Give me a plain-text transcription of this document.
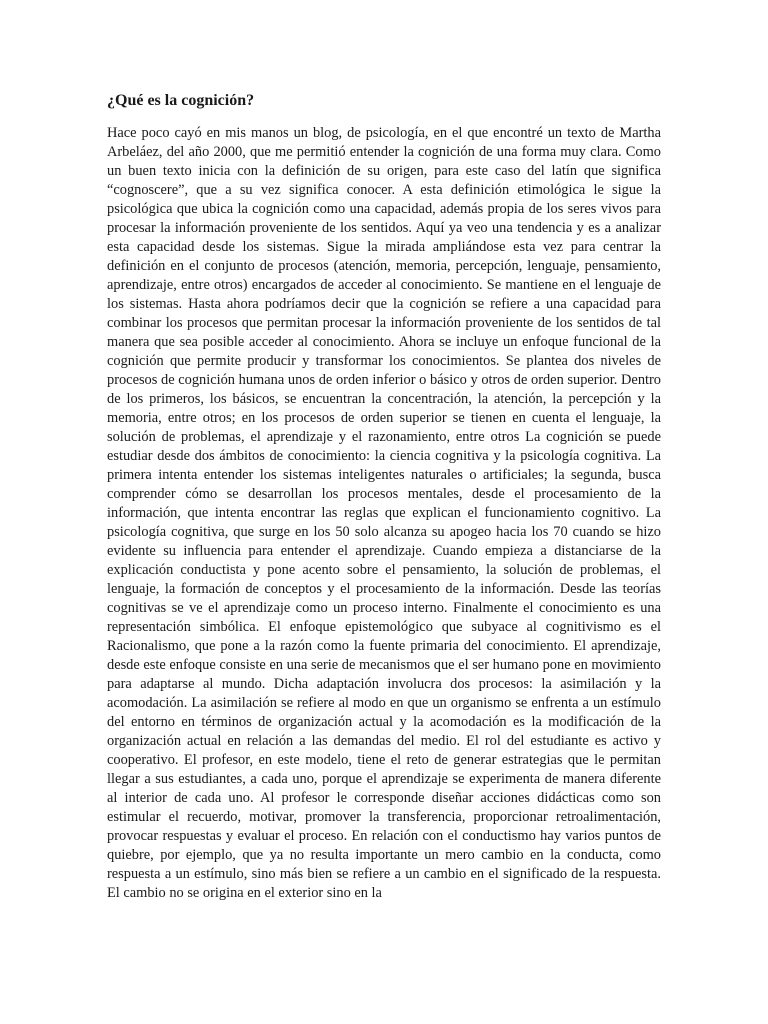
¿Qué es la cognición?

Hace poco cayó en mis manos un blog, de psicología, en el que encontré un texto de Martha Arbeláez, del año 2000, que me permitió entender la cognición de una forma muy clara. Como un buen texto inicia con la definición de su origen, para este caso del latín que significa “cognoscere”, que a su vez significa conocer. A esta definición etimológica le sigue la psicológica que ubica la cognición como una capacidad, además propia de los seres vivos para procesar la información proveniente de los sentidos. Aquí ya veo una tendencia y es a analizar esta capacidad desde los sistemas. Sigue la mirada ampliándose esta vez para centrar la definición en el conjunto de procesos (atención, memoria, percepción, lenguaje, pensamiento, aprendizaje, entre otros) encargados de acceder al conocimiento. Se mantiene en el lenguaje de los sistemas. Hasta ahora podríamos decir que la cognición se refiere a una capacidad para combinar los procesos que permitan procesar la información proveniente de los sentidos de tal manera que sea posible acceder al conocimiento. Ahora se incluye un enfoque funcional de la cognición que permite producir y transformar los conocimientos. Se plantea dos niveles de procesos de cognición humana unos de orden inferior o básico y otros de orden superior. Dentro de los primeros, los básicos, se encuentran la concentración, la atención, la percepción y la memoria, entre otros; en los procesos de orden superior se tienen en cuenta el lenguaje, la solución de problemas, el aprendizaje y el razonamiento, entre otros La cognición se puede estudiar desde dos ámbitos de conocimiento: la ciencia cognitiva y la psicología cognitiva. La primera intenta entender los sistemas inteligentes naturales o artificiales; la segunda, busca comprender cómo se desarrollan los procesos mentales, desde el procesamiento de la información, que intenta encontrar las reglas que explican el funcionamiento cognitivo. La psicología cognitiva, que surge en los 50 solo alcanza su apogeo hacia los 70 cuando se hizo evidente su influencia para entender el aprendizaje. Cuando empieza a distanciarse de la explicación conductista y pone acento sobre el pensamiento, la solución de problemas, el lenguaje, la formación de conceptos y el procesamiento de la información. Desde las teorías cognitivas se ve el aprendizaje como un proceso interno. Finalmente el conocimiento es una representación simbólica. El enfoque epistemológico que subyace al cognitivismo es el Racionalismo, que pone a la razón como la fuente primaria del conocimiento. El aprendizaje, desde este enfoque consiste en una serie de mecanismos que el ser humano pone en movimiento para adaptarse al mundo. Dicha adaptación involucra dos procesos: la asimilación y la acomodación. La asimilación se refiere al modo en que un organismo se enfrenta a un estímulo del entorno en términos de organización actual y la acomodación es la modificación de la organización actual en relación a las demandas del medio. El rol del estudiante es activo y cooperativo. El profesor, en este modelo, tiene el reto de generar estrategias que le permitan llegar a sus estudiantes, a cada uno, porque el aprendizaje se experimenta de manera diferente al interior de cada uno. Al profesor le corresponde diseñar acciones didácticas como son estimular el recuerdo, motivar, promover la transferencia, proporcionar retroalimentación, provocar respuestas y evaluar el proceso. En relación con el conductismo hay varios puntos de quiebre, por ejemplo, que ya no resulta importante un mero cambio en la conducta, como respuesta a un estímulo, sino más bien se refiere a un cambio en el significado de la respuesta. El cambio no se origina en el exterior sino en la
